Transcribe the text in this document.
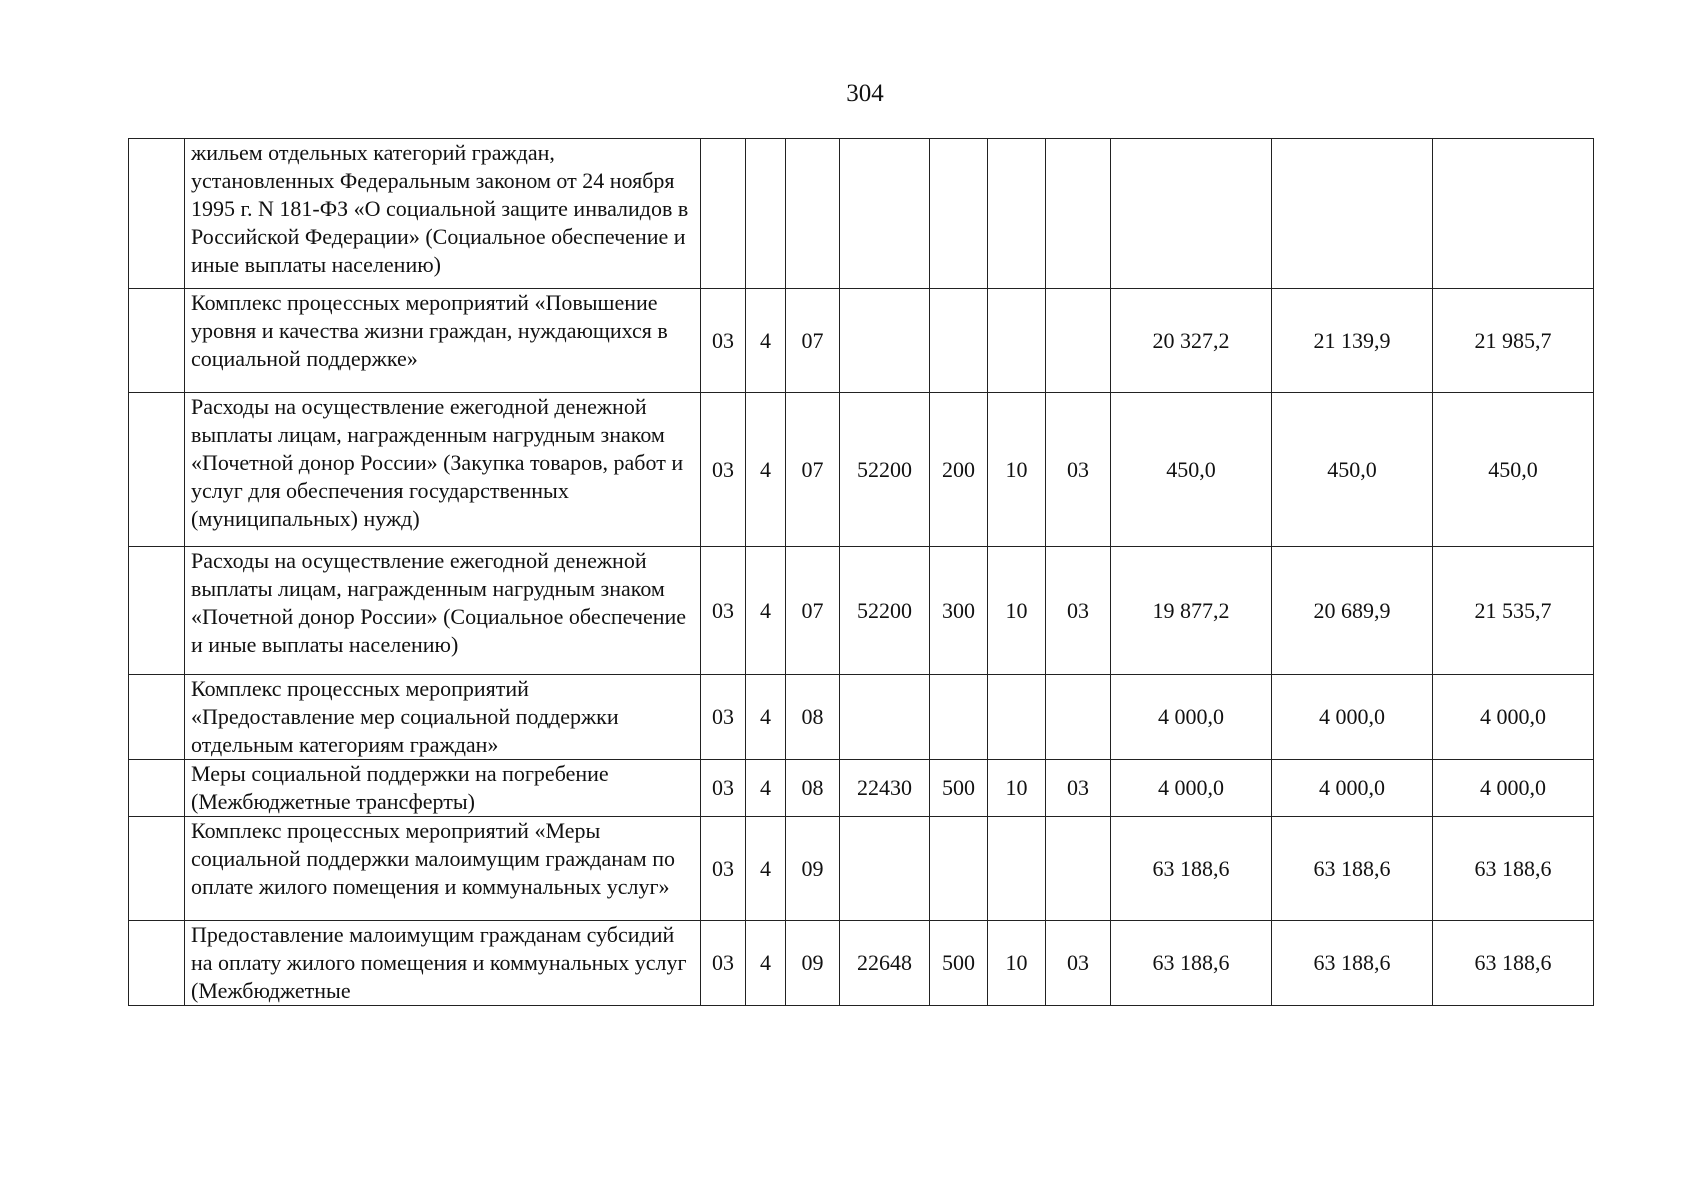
304
	жильем отдельных категорий граждан, установленных Федеральным законом от 24 ноября 1995 г. N 181-ФЗ «О социальной защите инвалидов в Российской Федерации» (Социальное обеспечение и иные выплаты населению)										
	Комплекс процессных мероприятий «Повышение уровня и качества жизни граждан, нуждающихся в социальной поддержке»	03	4	07					20 327,2	21 139,9	21 985,7
	Расходы на осуществление ежегодной денежной выплаты лицам, награжденным нагрудным знаком «Почетной донор России» (Закупка товаров, работ и услуг для обеспечения государственных (муниципальных) нужд)	03	4	07	52200	200	10	03	450,0	450,0	450,0
	Расходы на осуществление ежегодной денежной выплаты лицам, награжденным нагрудным знаком «Почетной донор России» (Социальное обеспечение и иные выплаты населению)	03	4	07	52200	300	10	03	19 877,2	20 689,9	21 535,7
	Комплекс процессных мероприятий «Предоставление мер социальной поддержки отдельным категориям граждан»	03	4	08					4 000,0	4 000,0	4 000,0
	Меры социальной поддержки на погребение (Межбюджетные трансферты)	03	4	08	22430	500	10	03	4 000,0	4 000,0	4 000,0
	Комплекс процессных мероприятий «Меры социальной поддержки малоимущим гражданам по оплате жилого помещения и коммунальных услуг»	03	4	09					63 188,6	63 188,6	63 188,6
	Предоставление малоимущим гражданам субсидий на оплату жилого помещения и коммунальных услуг (Межбюджетные	03	4	09	22648	500	10	03	63 188,6	63 188,6	63 188,6
